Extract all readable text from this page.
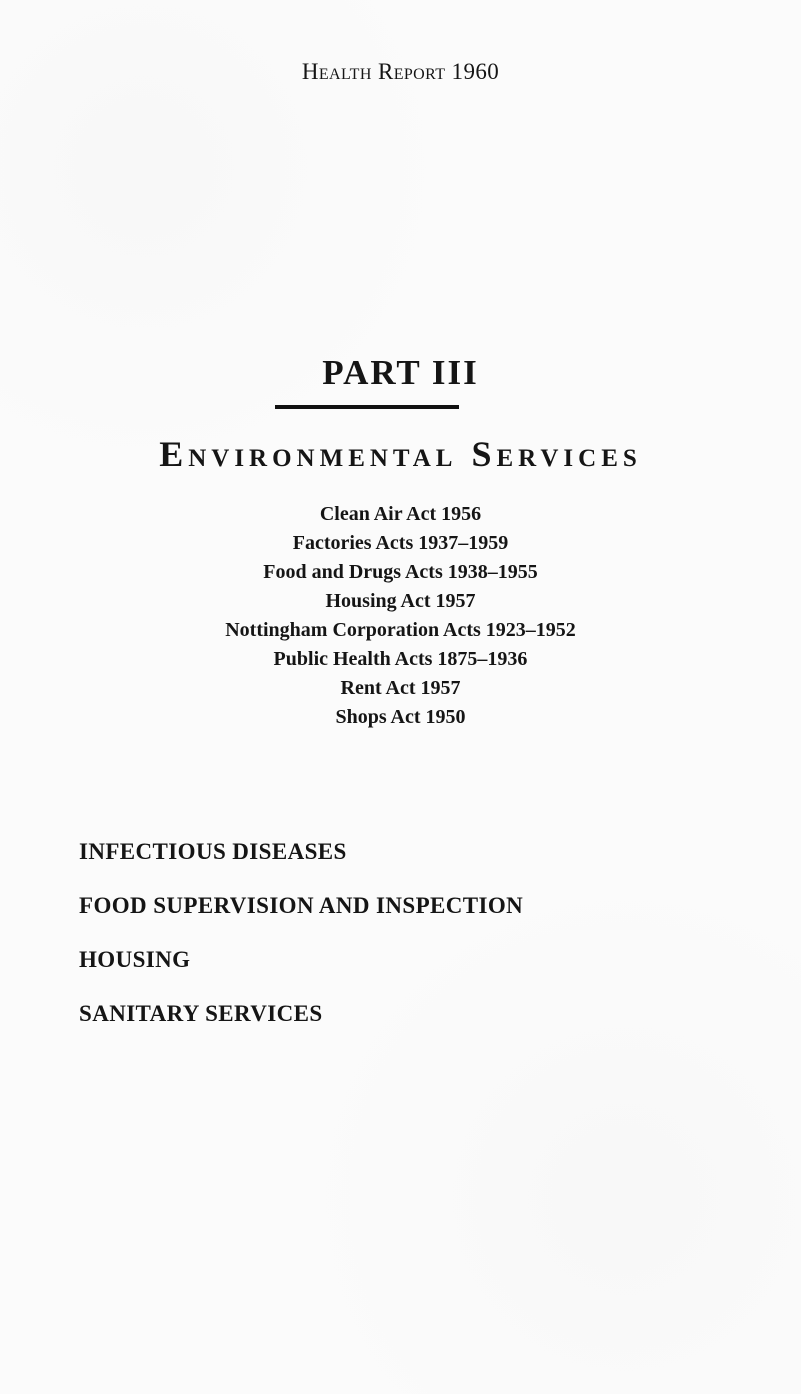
Health Report 1960
PART III
Environmental Services
Clean Air Act 1956
Factories Acts 1937–1959
Food and Drugs Acts 1938–1955
Housing Act 1957
Nottingham Corporation Acts 1923–1952
Public Health Acts 1875–1936
Rent Act 1957
Shops Act 1950
INFECTIOUS DISEASES
FOOD SUPERVISION AND INSPECTION
HOUSING
SANITARY SERVICES
